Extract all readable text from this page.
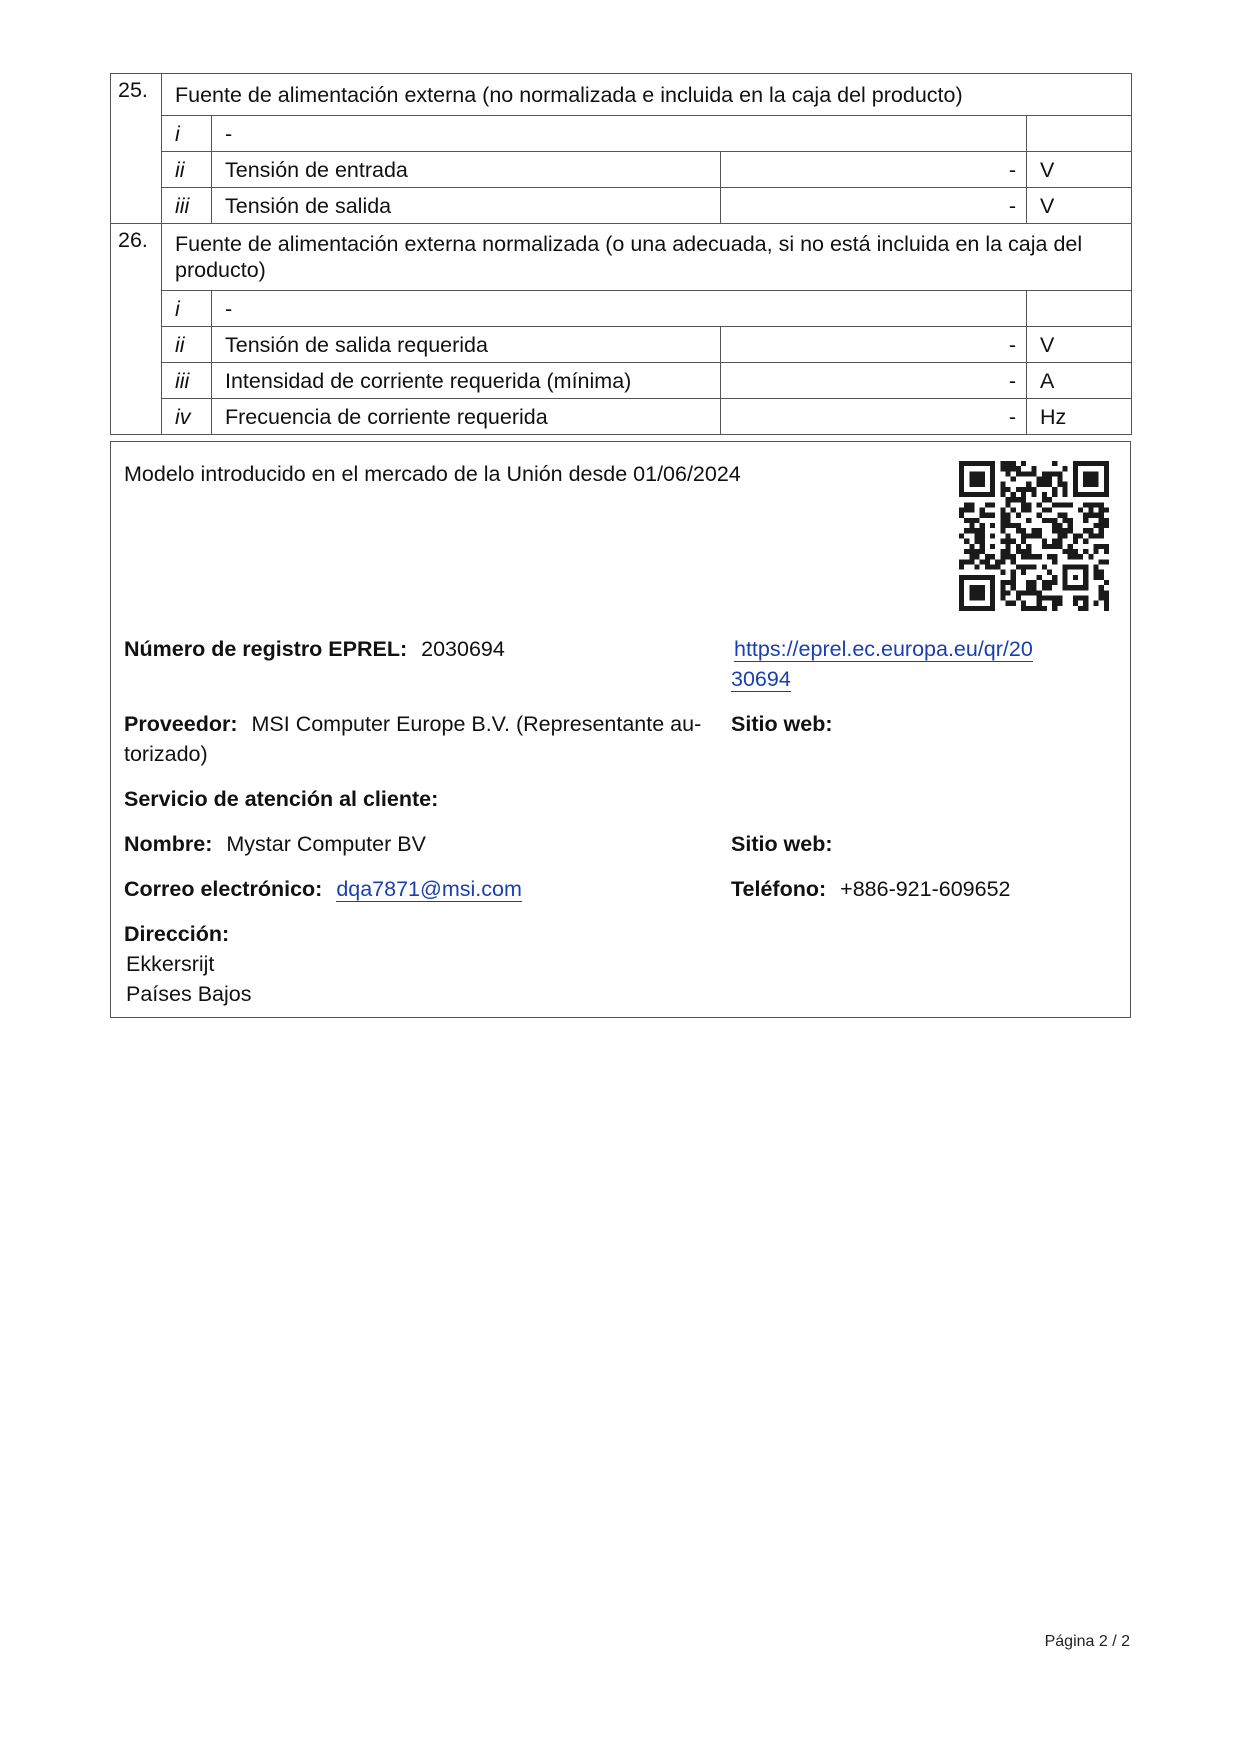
25.	Fuente de alimentación externa (no normalizada e incluida en la caja del producto)			
	i	-		
	ii	Tensión de entrada	-	V
	iii	Tensión de salida	-	V
26.	Fuente de alimentación externa normalizada (o una adecuada, si no está incluida en la caja del producto)			
	i	-		
	ii	Tensión de salida requerida	-	V
	iii	Intensidad de corriente requerida (mínima)	-	A
	iv	Frecuencia de corriente requerida	-	Hz
Modelo introducido en el mercado de la Unión desde 01/06/2024
Número de registro EPREL: 2030694	https://eprel.ec.europa.eu/qr/20
30694
Proveedor: MSI Computer Europe B.V. (Representante au-
torizado)
Sitio web:
Servicio de atención al cliente:
Nombre: Mystar Computer BV	Sitio web:
Correo electrónico: dqa7871@msi.com	Teléfono: +886-921-609652
Dirección:
Ekkersrijt
Países Bajos
Página 2 / 2
